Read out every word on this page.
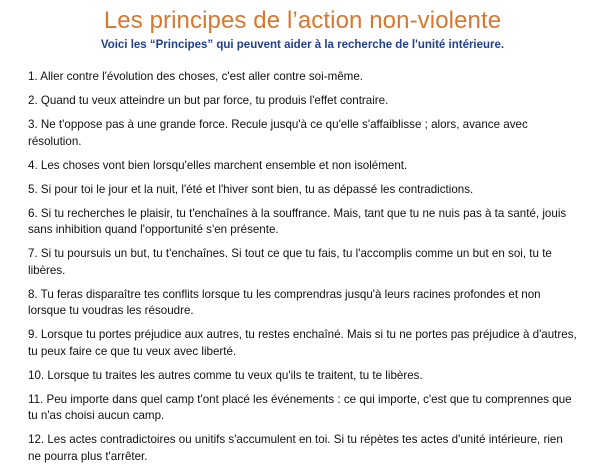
Les principes de l’action non-violente

Voici les “Principes” qui peuvent aider à la recherche de l'unité intérieure.

1. Aller contre l'évolution des choses, c'est aller contre soi-même.
2. Quand tu veux atteindre un but par force, tu produis l'effet contraire.
3. Ne t'oppose pas à une grande force. Recule jusqu'à ce qu'elle s'affaiblisse ; alors, avance avec résolution.
4. Les choses vont bien lorsqu'elles marchent ensemble et non isolément.
5. Si pour toi le jour et la nuit, l'été et l'hiver sont bien, tu as dépassé les contradictions.
6. Si tu recherches le plaisir, tu t'enchaînes à la souffrance. Mais, tant que tu ne nuis pas à ta santé, jouis sans inhibition quand l'opportunité s'en présente.
7. Si tu poursuis un but, tu t'enchaînes. Si tout ce que tu fais, tu l'accomplis comme un but en soi, tu te libères.
8. Tu feras disparaître tes conflits lorsque tu les comprendras jusqu'à leurs racines profondes et non lorsque tu voudras les résoudre.
9. Lorsque tu portes préjudice aux autres, tu restes enchaîné. Mais si tu ne portes pas préjudice à d'autres, tu peux faire ce que tu veux avec liberté.
10. Lorsque tu traites les autres comme tu veux qu'ils te traitent, tu te libères.
11. Peu importe dans quel camp t'ont placé les événements : ce qui importe, c'est que tu comprennes que tu n'as choisi aucun camp.
12. Les actes contradictoires ou unitifs s'accumulent en toi. Si tu répètes tes actes d'unité intérieure, rien ne pourra plus t'arrêter.
